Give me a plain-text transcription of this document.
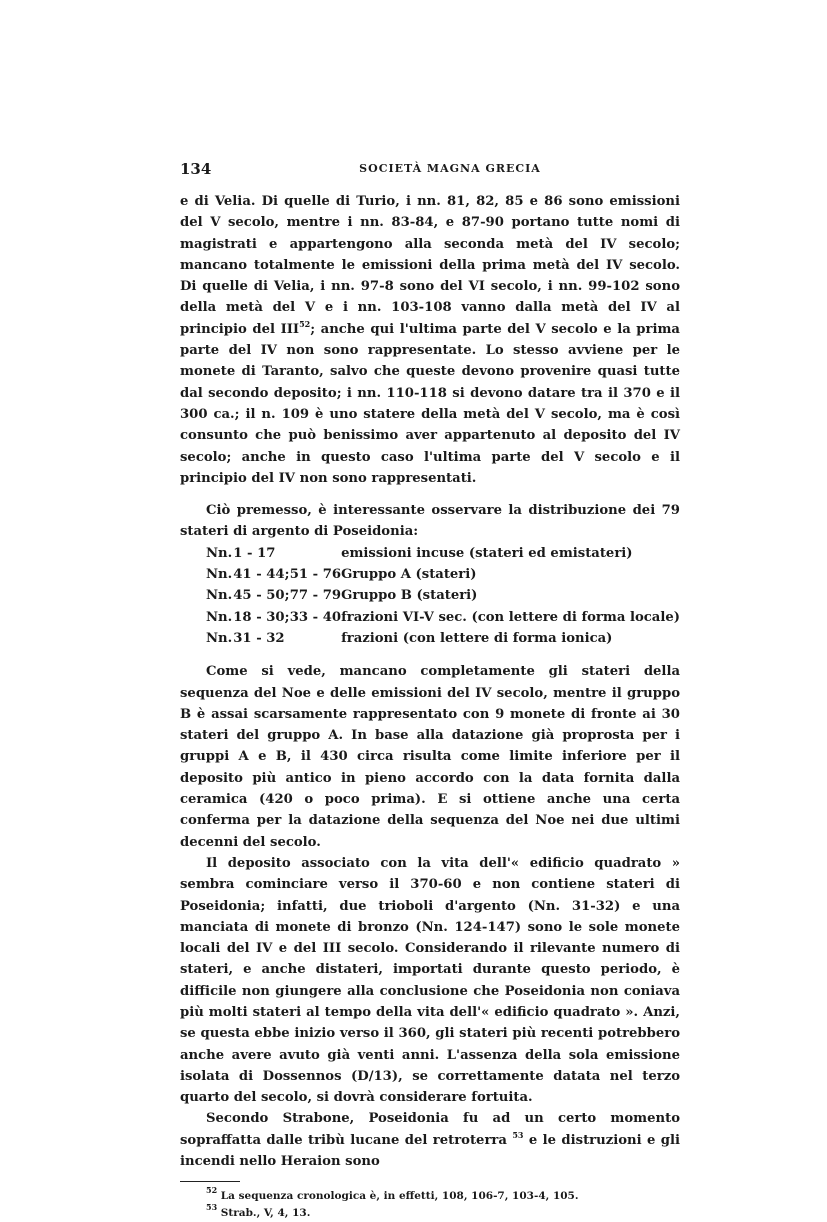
134	SOCIETÀ MAGNA GRECIA

e di Velia. Di quelle di Turio, i nn. 81, 82, 85 e 86 sono emissioni del V secolo, mentre i nn. 83-84, e 87-90 portano tutte nomi di magistrati e appartengono alla seconda metà del IV secolo; mancano totalmente le emissioni della prima metà del IV secolo. Di quelle di Velia, i nn. 97-8 sono del VI secolo, i nn. 99-102 sono della metà del V e i nn. 103-108 vanno dalla metà del IV al principio del III$^{52}$; anche qui l'ultima parte del V secolo e la prima parte del IV non sono rappresentate. Lo stesso avviene per le monete di Taranto, salvo che queste devono provenire quasi tutte dal secondo deposito; i nn. 110-118 si devono datare tra il 370 e il 300 ca.; il n. 109 è uno statere della metà del V secolo, ma è così consunto che può benissimo aver appartenuto al deposito del IV secolo; anche in questo caso l'ultima parte del V secolo e il principio del IV non sono rappresentati.

Ciò premesso, è interessante osservare la distribuzione dei 79 stateri di argento di Poseidonia:

Nn.	1 - 17		emissioni incuse (stateri ed emistateri)
Nn.	41 - 44;	51 - 76	Gruppo A (stateri)
Nn.	45 - 50;	77 - 79	Gruppo B (stateri)
Nn.	18 - 30;	33 - 40	frazioni VI-V sec. (con lettere di forma locale)
Nn.	31 - 32		frazioni (con lettere di forma ionica)

Come si vede, mancano completamente gli stateri della sequenza del Noe e delle emissioni del IV secolo, mentre il gruppo B è assai scarsamente rappresentato con 9 monete di fronte ai 30 stateri del gruppo A. In base alla datazione già proprosta per i gruppi A e B, il 430 circa risulta come limite inferiore per il deposito più antico in pieno accordo con la data fornita dalla ceramica (420 o poco prima). E si ottiene anche una certa conferma per la datazione della sequenza del Noe nei due ultimi decenni del secolo.

Il deposito associato con la vita dell'« edificio quadrato » sembra cominciare verso il 370-60 e non contiene stateri di Poseidonia; infatti, due trioboli d'argento (Nn. 31-32) e una manciata di monete di bronzo (Nn. 124-147) sono le sole monete locali del IV e del III secolo. Considerando il rilevante numero di stateri, e anche distateri, importati durante questo periodo, è difficile non giungere alla conclusione che Poseidonia non coniava più molti stateri al tempo della vita dell'« edificio quadrato ». Anzi, se questa ebbe inizio verso il 360, gli stateri più recenti potrebbero anche avere avuto già venti anni. L'assenza della sola emissione isolata di Dossennos (D/13), se correttamente datata nel terzo quarto del secolo, si dovrà considerare fortuita.

Secondo Strabone, Poseidonia fu ad un certo momento sopraffatta dalle tribù lucane del retroterra $^{53}$ e le distruzioni e gli incendi nello Heraion sono

$^{52}$ La sequenza cronologica è, in effetti, 108, 106-7, 103-4, 105.
$^{53}$ Strab., V, 4, 13.
